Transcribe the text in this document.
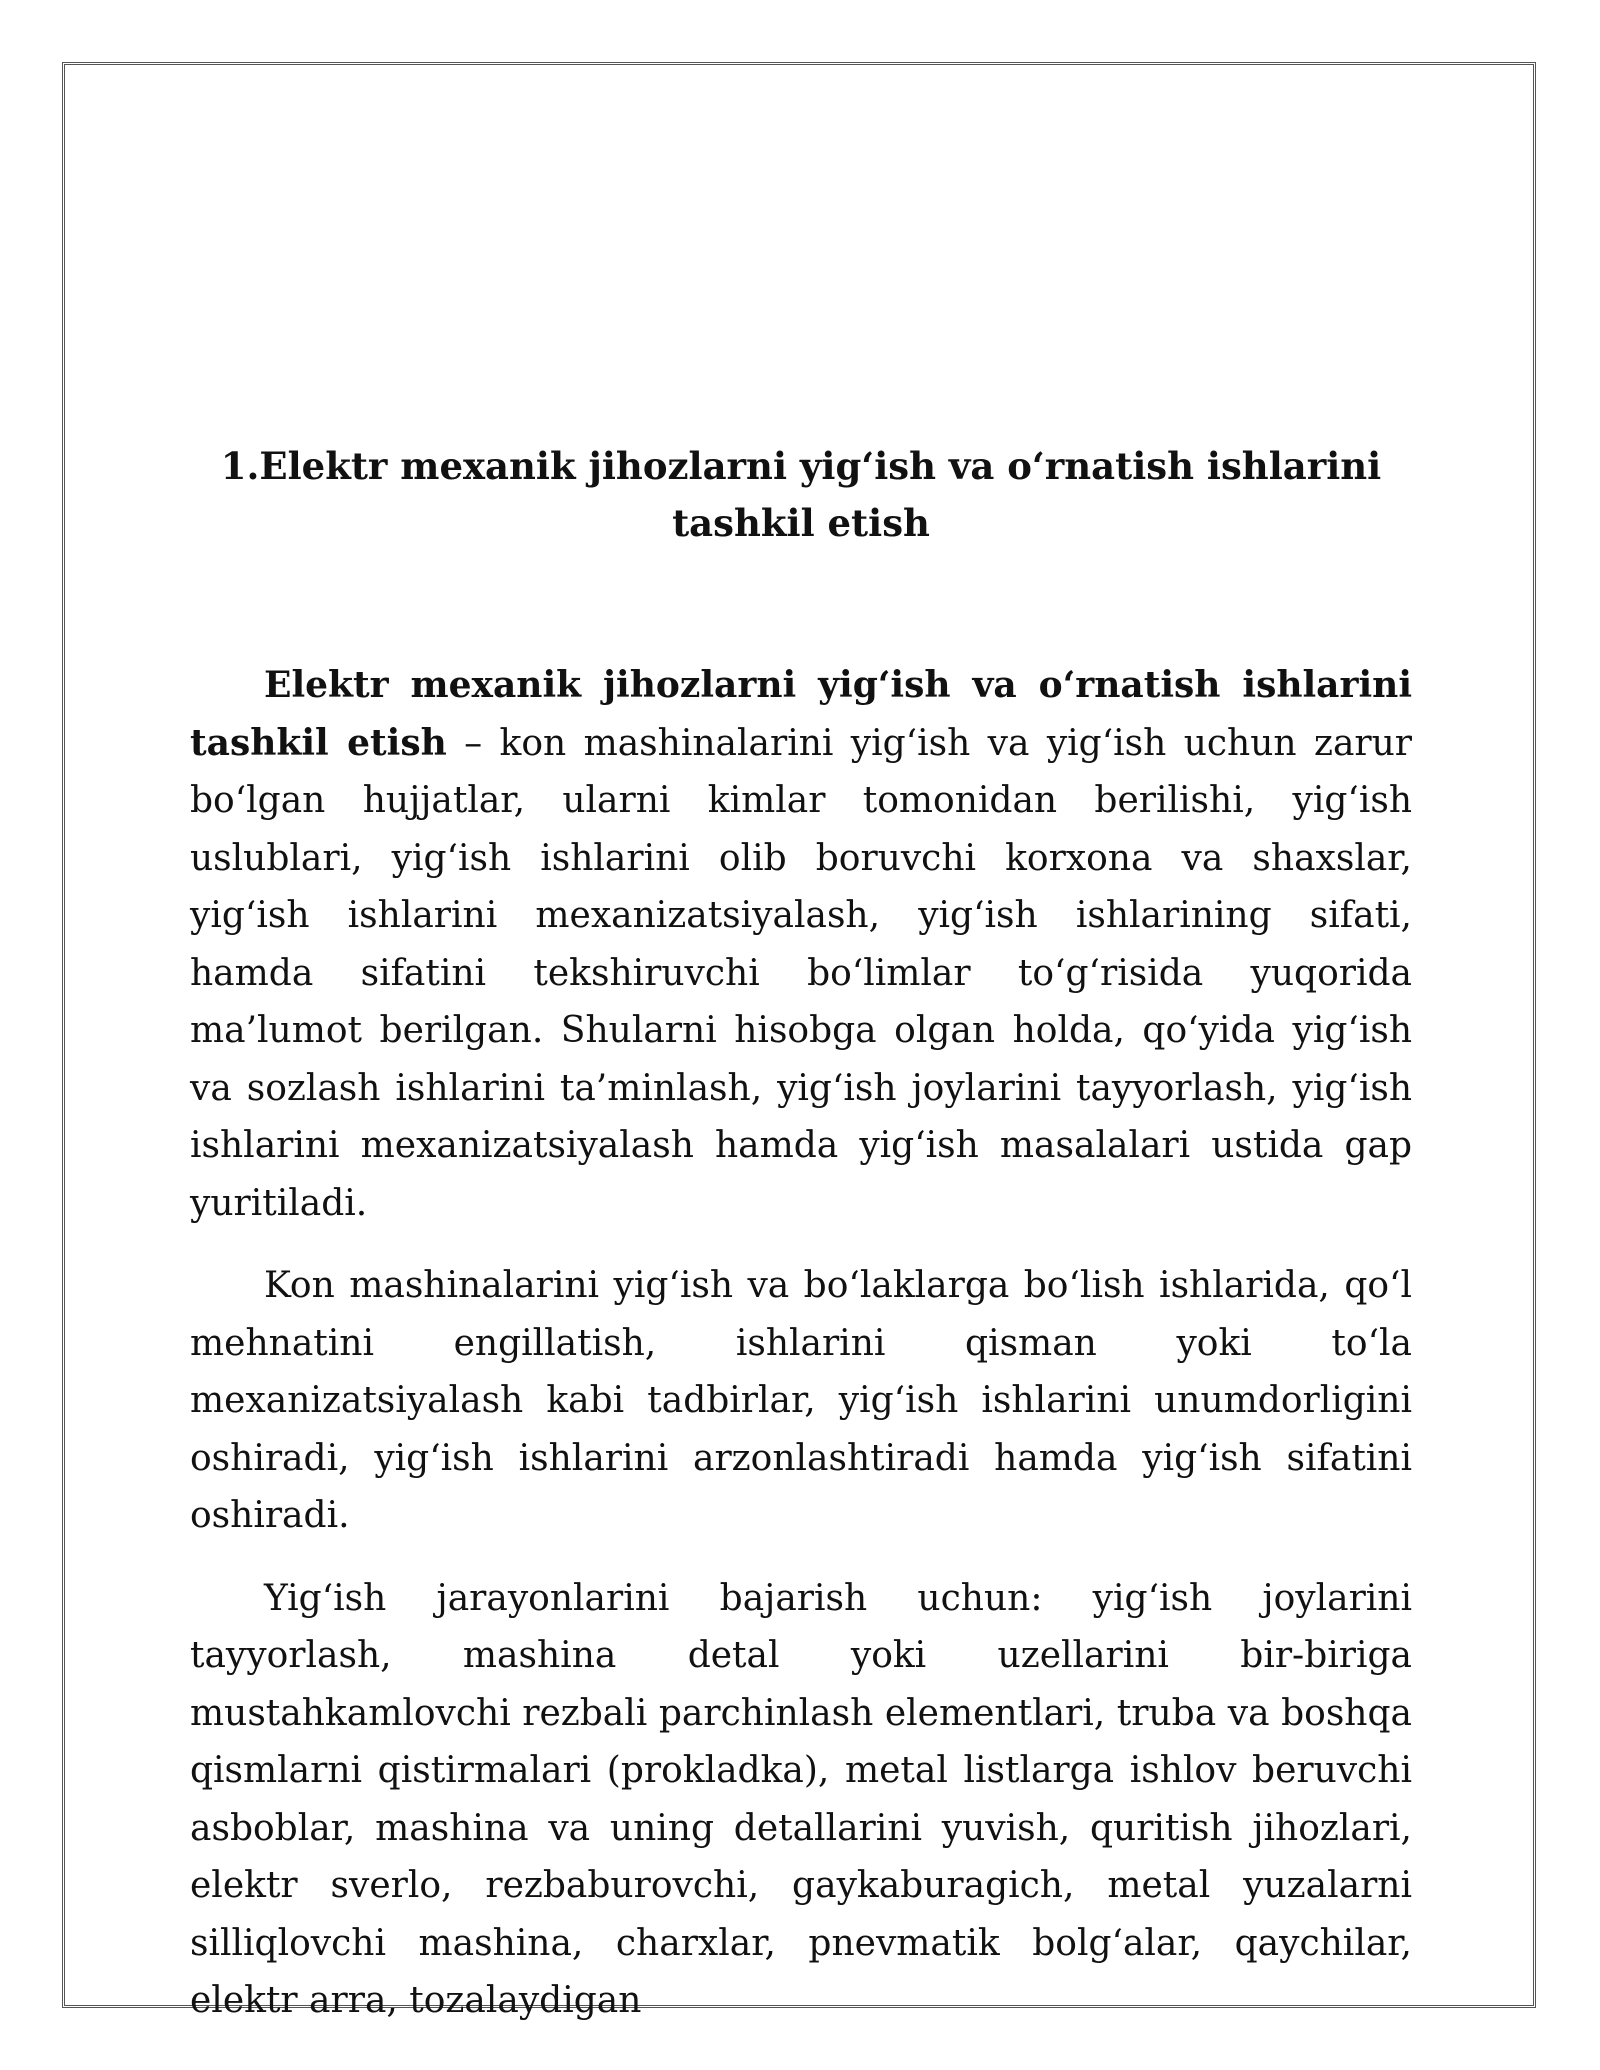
1.Elektr mexanik jihozlarni yig‘ish va o‘rnatish ishlarini tashkil etish

Elektr mexanik jihozlarni yig‘ish va o‘rnatish ishlarini tashkil etish – kon mashinalarini yig‘ish va yig‘ish uchun zarur bo‘lgan hujjatlar, ularni kimlar tomonidan berilishi, yig‘ish uslublari, yig‘ish ishlarini olib boruvchi korxona va shaxslar, yig‘ish ishlarini mexanizatsiyalash, yig‘ish ishlarining sifati, hamda sifatini tekshiruvchi bo‘limlar to‘g‘risida yuqorida ma’lumot berilgan. Shularni hisobga olgan holda, qo‘yida yig‘ish va sozlash ishlarini ta’minlash, yig‘ish joylarini tayyorlash, yig‘ish ishlarini mexanizatsiyalash hamda yig‘ish masalalari ustida gap yuritiladi.

Kon mashinalarini yig‘ish va bo‘laklarga bo‘lish ishlarida, qo‘l mehnatini engillatish, ishlarini qisman yoki to‘la mexanizatsiyalash kabi tadbirlar, yig‘ish ishlarini unumdorligini oshiradi, yig‘ish ishlarini arzonlashtiradi hamda yig‘ish sifatini oshiradi.

Yig‘ish jarayonlarini bajarish uchun: yig‘ish joylarini tayyorlash, mashina detal yoki uzellarini bir-biriga mustahkamlovchi rezbali parchinlash elementlari, truba va boshqa qismlarni qistirmalari (prokladka), metal listlarga ishlov beruvchi asboblar, mashina va uning detallarini yuvish, quritish jihozlari, elektr sverlo, rezbaburovchi, gaykaburagich, metal yuzalarni silliqlovchi mashina, charxlar, pnevmatik bolg‘alar, qaychilar, elektr arra, tozalaydigan
